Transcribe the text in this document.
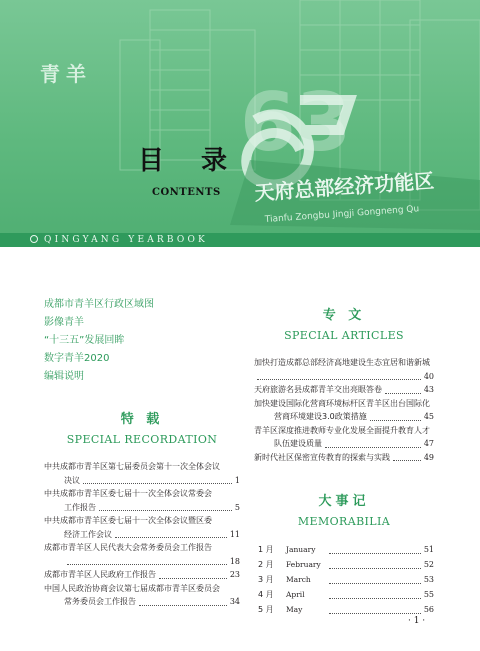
天府总部经济功能区
Tianfu Zongbu Jingji Gongneng Qu
63
青羊
目 录
CONTENTS
QINGYANG YEARBOOK
成都市青羊区行政区域图
影像青羊
“十三五”发展回眸
数字青羊2020
编辑说明
特 载
SPECIAL RECORDATION
中共成都市青羊区第七届委员会第十一次全体会议
决议	1
中共成都市青羊区委七届十一次全体会议常委会
工作报告	5
中共成都市青羊区委七届十一次全体会议暨区委
经济工作会议	11
成都市青羊区人民代表大会常务委员会工作报告
18
成都市青羊区人民政府工作报告	23
中国人民政治协商会议第七届成都市青羊区委员会
常务委员会工作报告	34
专 文
SPECIAL ARTICLES
加快打造成都总部经济高地建设生态宜居和谐新城
40
天府旅游名县成都青羊交出亮眼答卷	43
加快建设国际化营商环境标杆区青羊区出台国际化
营商环境建设3.0政策措施	45
青羊区深度推进教师专业化发展全面提升教育人才
队伍建设质量	47
新时代社区保密宣传教育的探索与实践	49
大事记
MEMORABILIA
1 月	January	51
2 月	February	52
3 月	March	53
4 月	April	55
5 月	May	56
· 1 ·
